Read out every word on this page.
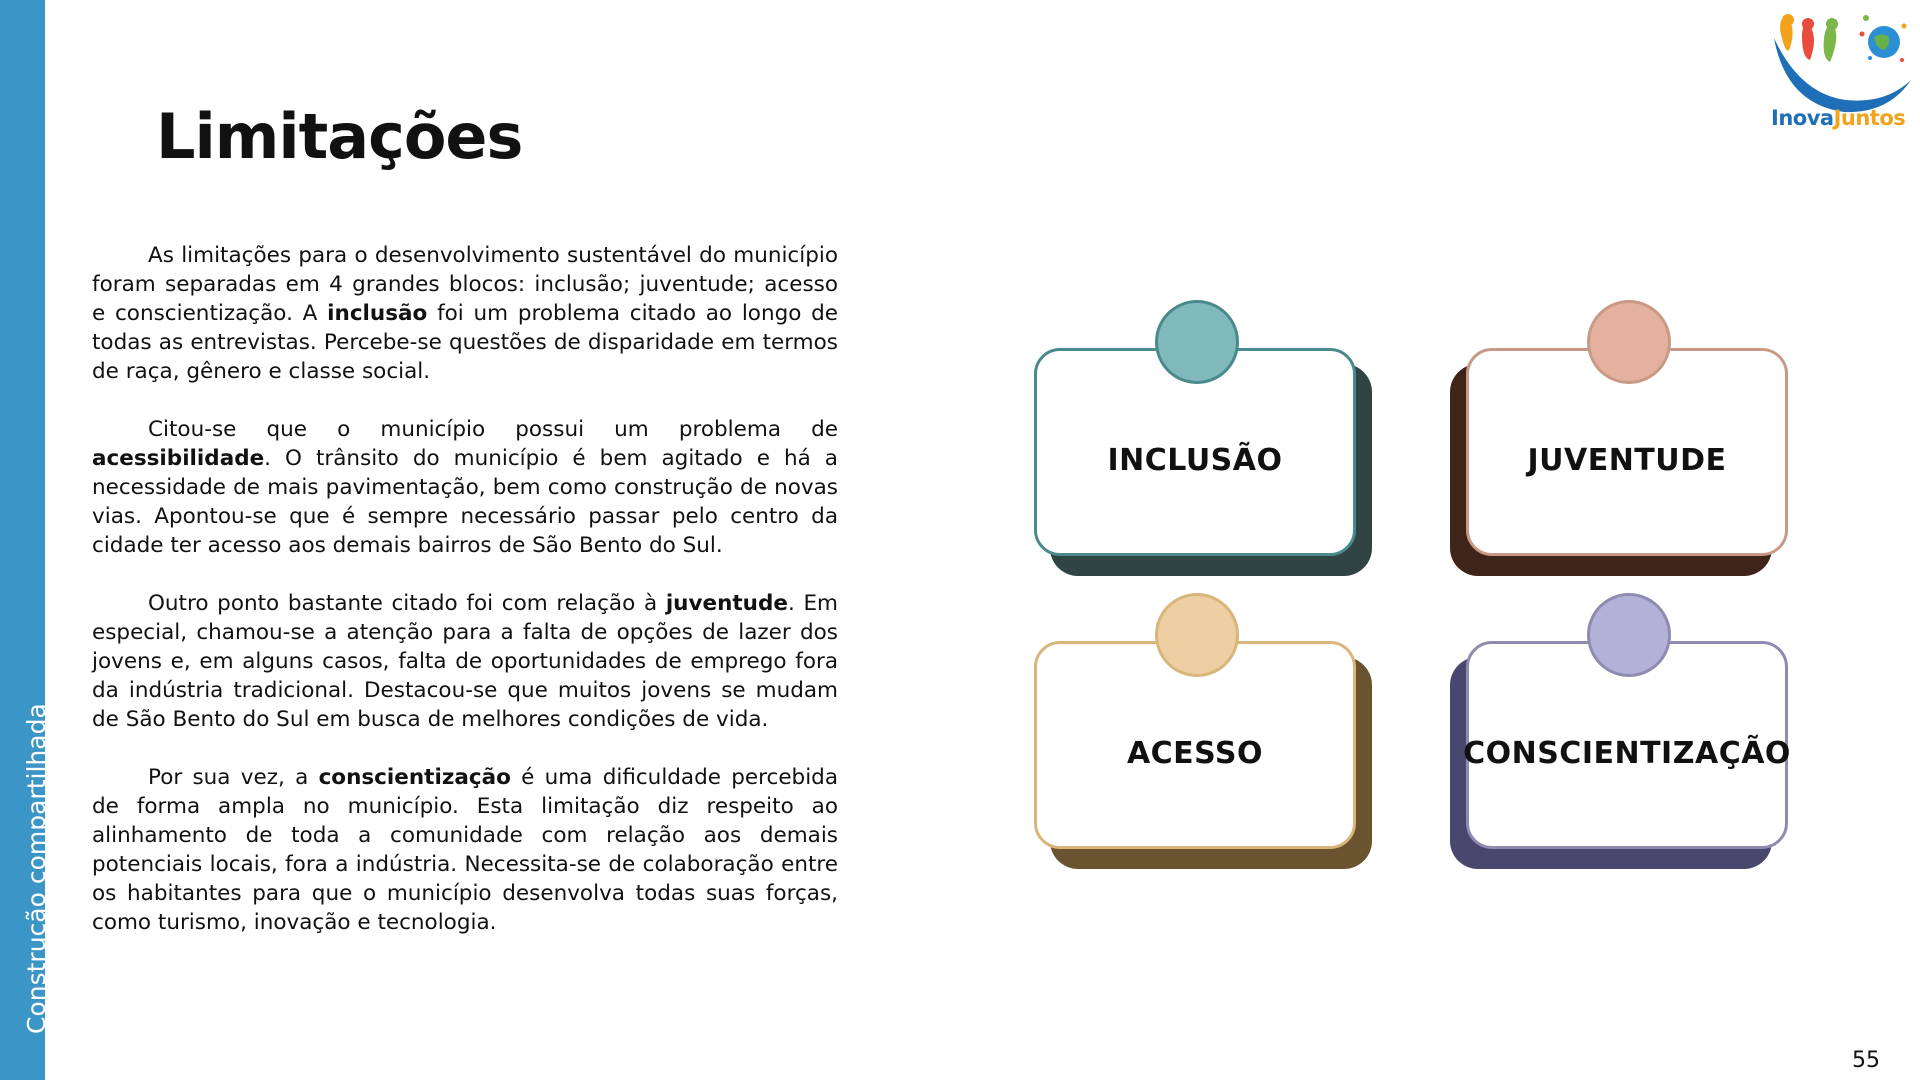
Construção compartilhada
Limitações

As limitações para o desenvolvimento sustentável do município foram separadas em 4 grandes blocos: inclusão; juventude; acesso e conscientização. A inclusão foi um problema citado ao longo de todas as entrevistas. Percebe-se questões de disparidade em termos de raça, gênero e classe social.

Citou-se que o município possui um problema de acessibilidade. O trânsito do município é bem agitado e há a necessidade de mais pavimentação, bem como construção de novas vias. Apontou-se que é sempre necessário passar pelo centro da cidade ter acesso aos demais bairros de São Bento do Sul.

Outro ponto bastante citado foi com relação à juventude. Em especial, chamou-se a atenção para a falta de opções de lazer dos jovens e, em alguns casos, falta de oportunidades de emprego fora da indústria tradicional. Destacou-se que muitos jovens se mudam de São Bento do Sul em busca de melhores condições de vida.

Por sua vez, a conscientização é uma dificuldade percebida de forma ampla no município. Esta limitação diz respeito ao alinhamento de toda a comunidade com relação aos demais potenciais locais, fora a indústria. Necessita-se de colaboração entre os habitantes para que o município desenvolva todas suas forças, como turismo, inovação e tecnologia.

INCLUSÃO	JUVENTUDE
ACESSO	CONSCIENTIZAÇÃO
InovaJuntos
55
